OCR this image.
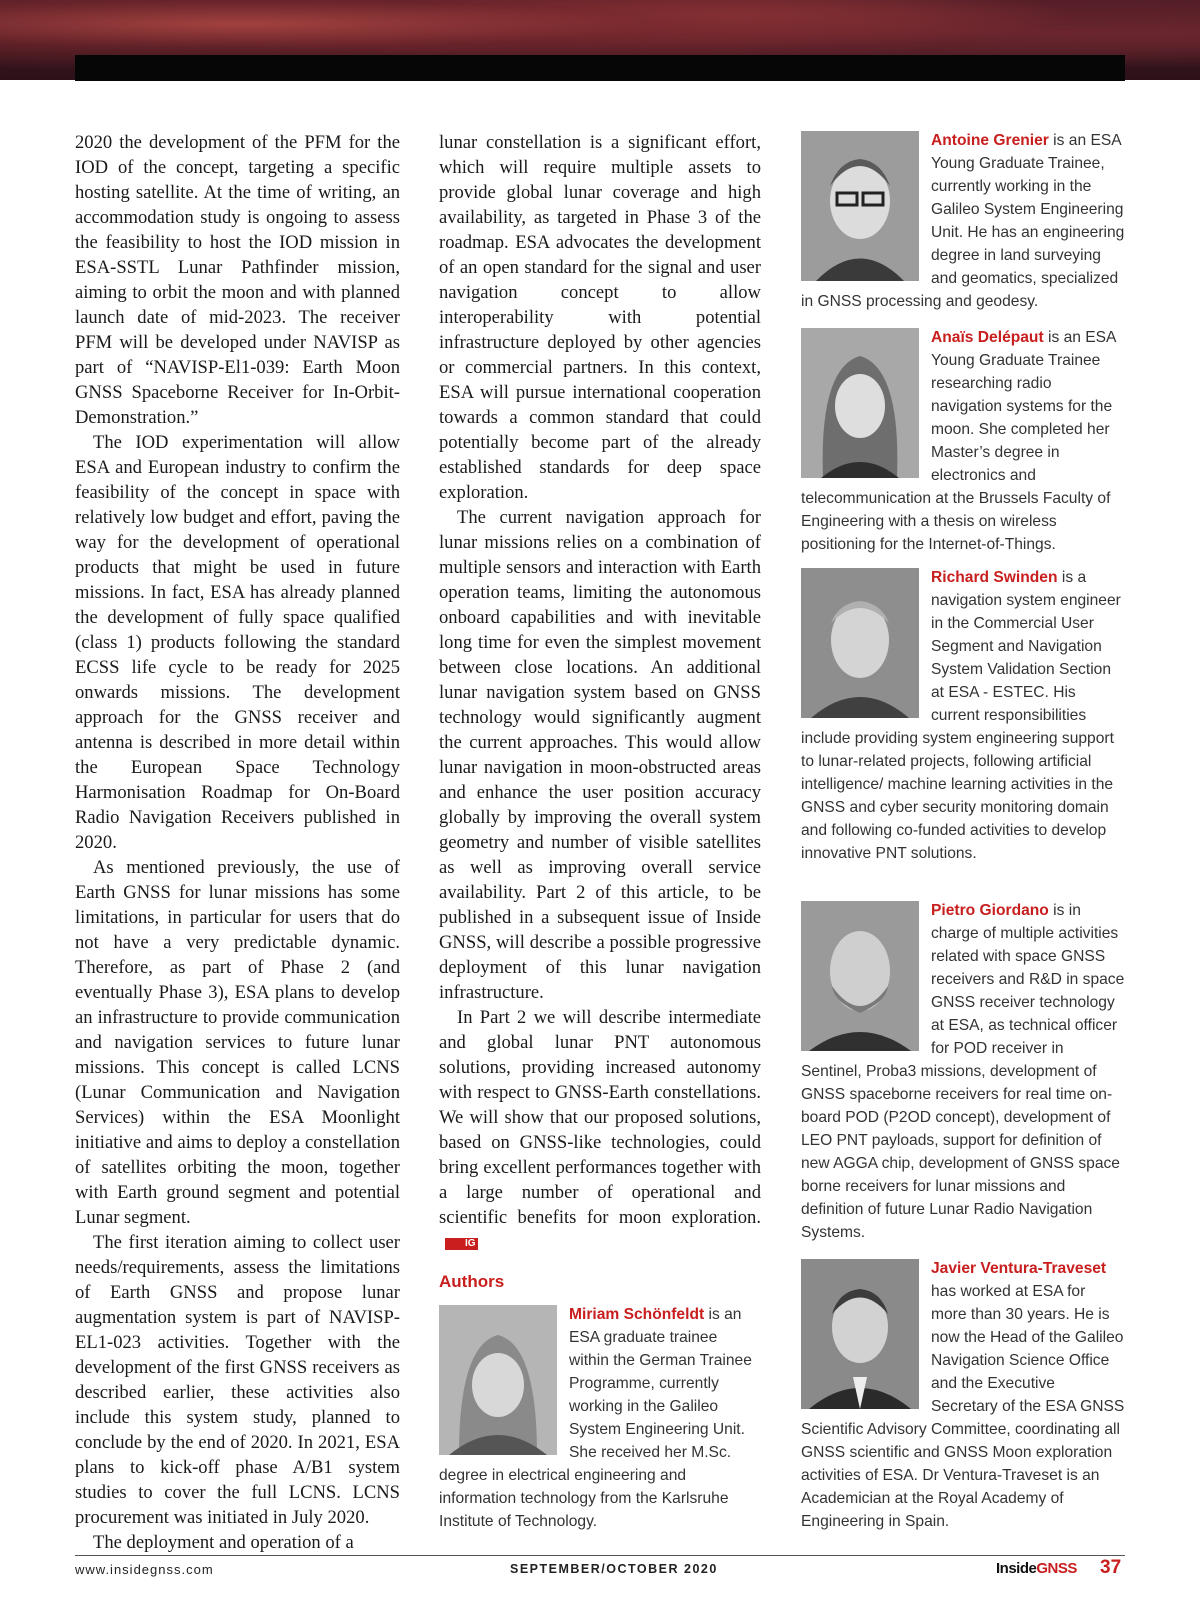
2020 the development of the PFM for the IOD of the concept, targeting a specific hosting satellite. At the time of writing, an accommodation study is ongoing to assess the feasibility to host the IOD mission in ESA-SSTL Lunar Pathfinder mission, aiming to orbit the moon and with planned launch date of mid-2023. The receiver PFM will be developed under NAVISP as part of “NAVISP-El1-039: Earth Moon GNSS Spaceborne Receiver for In-Orbit-Demonstration.”

The IOD experimentation will allow ESA and European industry to confirm the feasibility of the concept in space with relatively low budget and effort, paving the way for the development of operational products that might be used in future missions. In fact, ESA has already planned the development of fully space qualified (class 1) products following the standard ECSS life cycle to be ready for 2025 onwards missions. The development approach for the GNSS receiver and antenna is described in more detail within the European Space Technology Harmonisation Roadmap for On-Board Radio Navigation Receivers published in 2020.

As mentioned previously, the use of Earth GNSS for lunar missions has some limitations, in particular for users that do not have a very predictable dynamic. Therefore, as part of Phase 2 (and eventually Phase 3), ESA plans to develop an infrastructure to provide communication and navigation services to future lunar missions. This concept is called LCNS (Lunar Communication and Navigation Services) within the ESA Moonlight initiative and aims to deploy a constellation of satellites orbiting the moon, together with Earth ground segment and potential Lunar segment.

The first iteration aiming to collect user needs/requirements, assess the limitations of Earth GNSS and propose lunar augmentation system is part of NAVISP-EL1-023 activities. Together with the development of the first GNSS receivers as described earlier, these activities also include this system study, planned to conclude by the end of 2020. In 2021, ESA plans to kick-off phase A/B1 system studies to cover the full LCNS. LCNS procurement was initiated in July 2020.

The deployment and operation of a

lunar constellation is a significant effort, which will require multiple assets to provide global lunar coverage and high availability, as targeted in Phase 3 of the roadmap. ESA advocates the development of an open standard for the signal and user navigation concept to allow interoperability with potential infrastructure deployed by other agencies or commercial partners. In this context, ESA will pursue international cooperation towards a common standard that could potentially become part of the already established standards for deep space exploration.

The current navigation approach for lunar missions relies on a combination of multiple sensors and interaction with Earth operation teams, limiting the autonomous onboard capabilities and with inevitable long time for even the simplest movement between close locations. An additional lunar navigation system based on GNSS technology would significantly augment the current approaches. This would allow lunar navigation in moon-obstructed areas and enhance the user position accuracy globally by improving the overall system geometry and number of visible satellites as well as improving overall service availability. Part 2 of this article, to be published in a subsequent issue of Inside GNSS, will describe a possible progressive deployment of this lunar navigation infrastructure.

In Part 2 we will describe intermediate and global lunar PNT autonomous solutions, providing increased autonomy with respect to GNSS-Earth constellations. We will show that our proposed solutions, based on GNSS-like technologies, could bring excellent performances together with a large number of operational and scientific benefits for moon exploration.IG

Authors
Miriam Schönfeldt is an ESA graduate trainee within the German Trainee Programme, currently working in the Galileo System Engineering Unit. She received her M.Sc. degree in electrical engineering and information technology from the Karlsruhe Institute of Technology.
Antoine Grenier is an ESA Young Graduate Trainee, currently working in the Galileo System Engineering Unit. He has an engineering degree in land surveying and geomatics, specialized in GNSS processing and geodesy.
Anaïs Delépaut is an ESA Young Graduate Trainee researching radio navigation systems for the moon. She completed her Master’s degree in electronics and telecommunication at the Brussels Faculty of Engineering with a thesis on wireless positioning for the Internet-of-Things.
Richard Swinden is a navigation system engineer in the Commercial User Segment and Navigation System Validation Section at ESA - ESTEC. His current responsibilities include providing system engineering support to lunar-related projects, following artificial intelligence/ machine learning activities in the GNSS and cyber security monitoring domain and following co-funded activities to develop innovative PNT solutions.
Pietro Giordano is in charge of multiple activities related with space GNSS receivers and R&D in space GNSS receiver technology at ESA, as technical officer for POD receiver in Sentinel, Proba3 missions, development of GNSS spaceborne receivers for real time on-board POD (P2OD concept), development of LEO PNT payloads, support for definition of new AGGA chip, development of GNSS space borne receivers for lunar missions and definition of future Lunar Radio Navigation Systems.
Javier Ventura-Traveset has worked at ESA for more than 30 years. He is now the Head of the Galileo Navigation Science Office and the Executive Secretary of the ESA GNSS Scientific Advisory Committee, coordinating all GNSS scientific and GNSS Moon exploration activities of ESA. Dr Ventura-Traveset is an Academician at the Royal Academy of Engineering in Spain.
www.insidegnss.com	SEPTEMBER/OCTOBER 2020	InsideGNSS 37
